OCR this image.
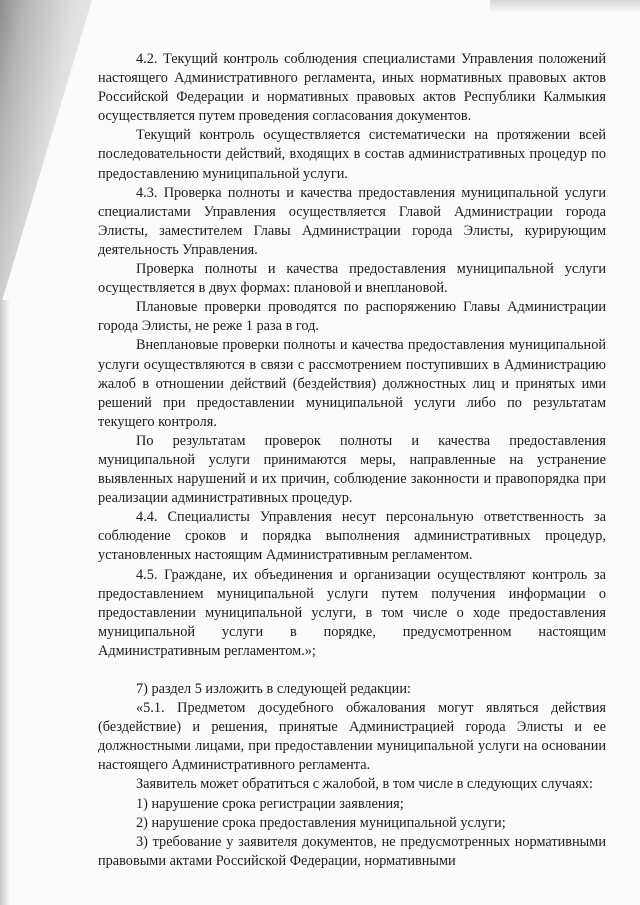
4.2. Текущий контроль соблюдения специалистами Управления положений настоящего Административного регламента, иных нормативных правовых актов Российской Федерации и нормативных правовых актов Республики Калмыкия осуществляется путем проведения согласования документов.

Текущий контроль осуществляется систематически на протяжении всей последовательности действий, входящих в состав административных процедур по предоставлению муниципальной услуги.

4.3. Проверка полноты и качества предоставления муниципальной услуги специалистами Управления осуществляется Главой Администрации города Элисты, заместителем Главы Администрации города Элисты, курирующим деятельность Управления.

Проверка полноты и качества предоставления муниципальной услуги осуществляется в двух формах: плановой и внеплановой.

Плановые проверки проводятся по распоряжению Главы Администрации города Элисты, не реже 1 раза в год.

Внеплановые проверки полноты и качества предоставления муниципальной услуги осуществляются в связи с рассмотрением поступивших в Администрацию жалоб в отношении действий (бездействия) должностных лиц и принятых ими решений при предоставлении муниципальной услуги либо по результатам текущего контроля.

По результатам проверок полноты и качества предоставления муниципальной услуги принимаются меры, направленные на устранение выявленных нарушений и их причин, соблюдение законности и правопорядка при реализации административных процедур.

4.4. Специалисты Управления несут персональную ответственность за соблюдение сроков и порядка выполнения административных процедур, установленных настоящим Административным регламентом.

4.5. Граждане, их объединения и организации осуществляют контроль за предоставлением муниципальной услуги путем получения информации о предоставлении муниципальной услуги, в том числе о ходе предоставления муниципальной услуги в порядке, предусмотренном настоящим Административным регламентом.»;

7) раздел 5 изложить в следующей редакции:

«5.1. Предметом досудебного обжалования могут являться действия (бездействие) и решения, принятые Администрацией города Элисты и ее должностными лицами, при предоставлении муниципальной услуги на основании настоящего Административного регламента.

Заявитель может обратиться с жалобой, в том числе в следующих случаях:

1) нарушение срока регистрации заявления;

2) нарушение срока предоставления муниципальной услуги;

3) требование у заявителя документов, не предусмотренных нормативными правовыми актами Российской Федерации, нормативными
